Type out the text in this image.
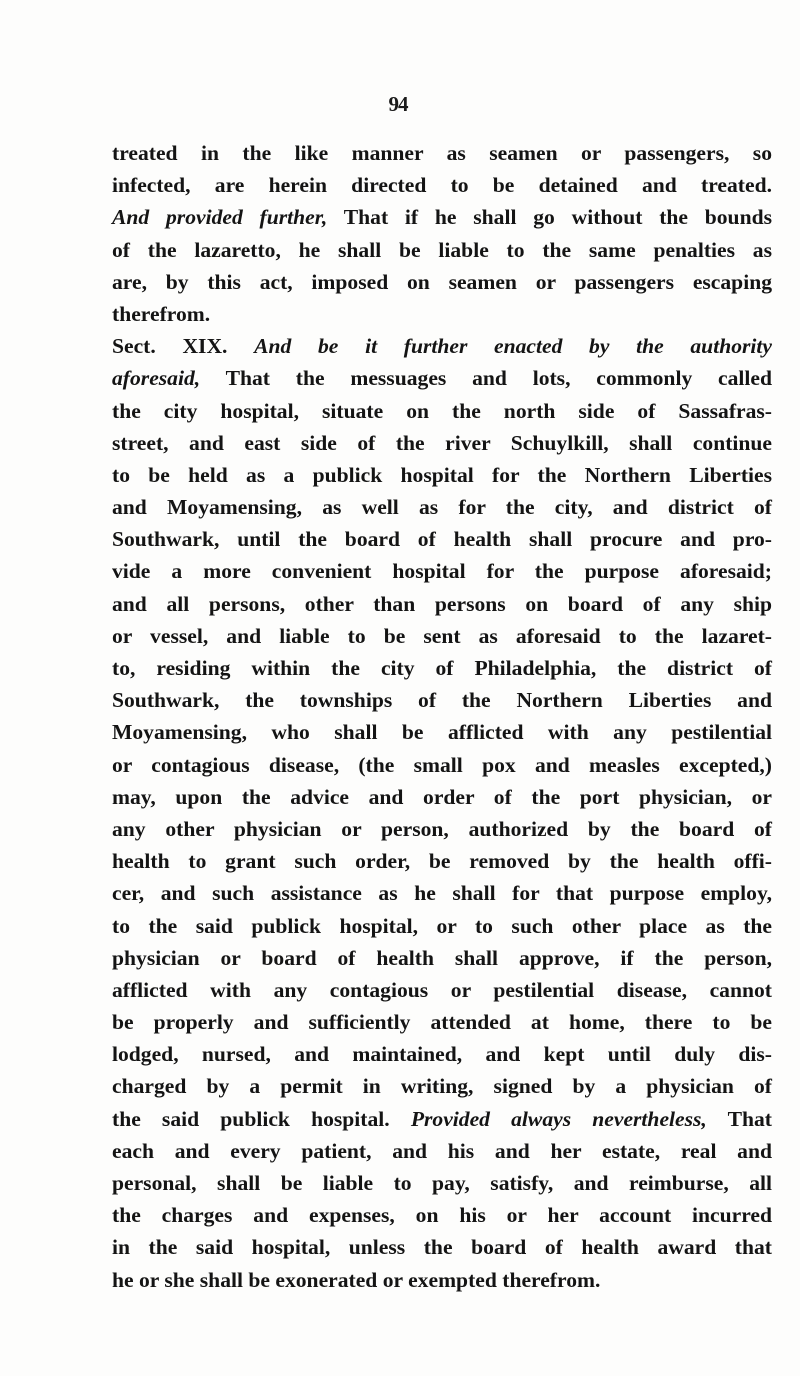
94
treated in the like manner as seamen or passengers, so
infected, are herein directed to be detained and treated.
And provided further, That if he shall go without the bounds
of the lazaretto, he shall be liable to the same penalties as
are, by this act, imposed on seamen or passengers escaping
therefrom.
Sect. XIX. And be it further enacted by the authority
aforesaid, That the messuages and lots, commonly called
the city hospital, situate on the north side of Sassafras-
street, and east side of the river Schuylkill, shall continue
to be held as a publick hospital for the Northern Liberties
and Moyamensing, as well as for the city, and district of
Southwark, until the board of health shall procure and pro-
vide a more convenient hospital for the purpose aforesaid;
and all persons, other than persons on board of any ship
or vessel, and liable to be sent as aforesaid to the lazaret-
to, residing within the city of Philadelphia, the district of
Southwark, the townships of the Northern Liberties and
Moyamensing, who shall be afflicted with any pestilential
or contagious disease, (the small pox and measles excepted,)
may, upon the advice and order of the port physician, or
any other physician or person, authorized by the board of
health to grant such order, be removed by the health offi-
cer, and such assistance as he shall for that purpose employ,
to the said publick hospital, or to such other place as the
physician or board of health shall approve, if the person,
afflicted with any contagious or pestilential disease, cannot
be properly and sufficiently attended at home, there to be
lodged, nursed, and maintained, and kept until duly dis-
charged by a permit in writing, signed by a physician of
the said publick hospital. Provided always nevertheless, That
each and every patient, and his and her estate, real and
personal, shall be liable to pay, satisfy, and reimburse, all
the charges and expenses, on his or her account incurred
in the said hospital, unless the board of health award that
he or she shall be exonerated or exempted therefrom.
